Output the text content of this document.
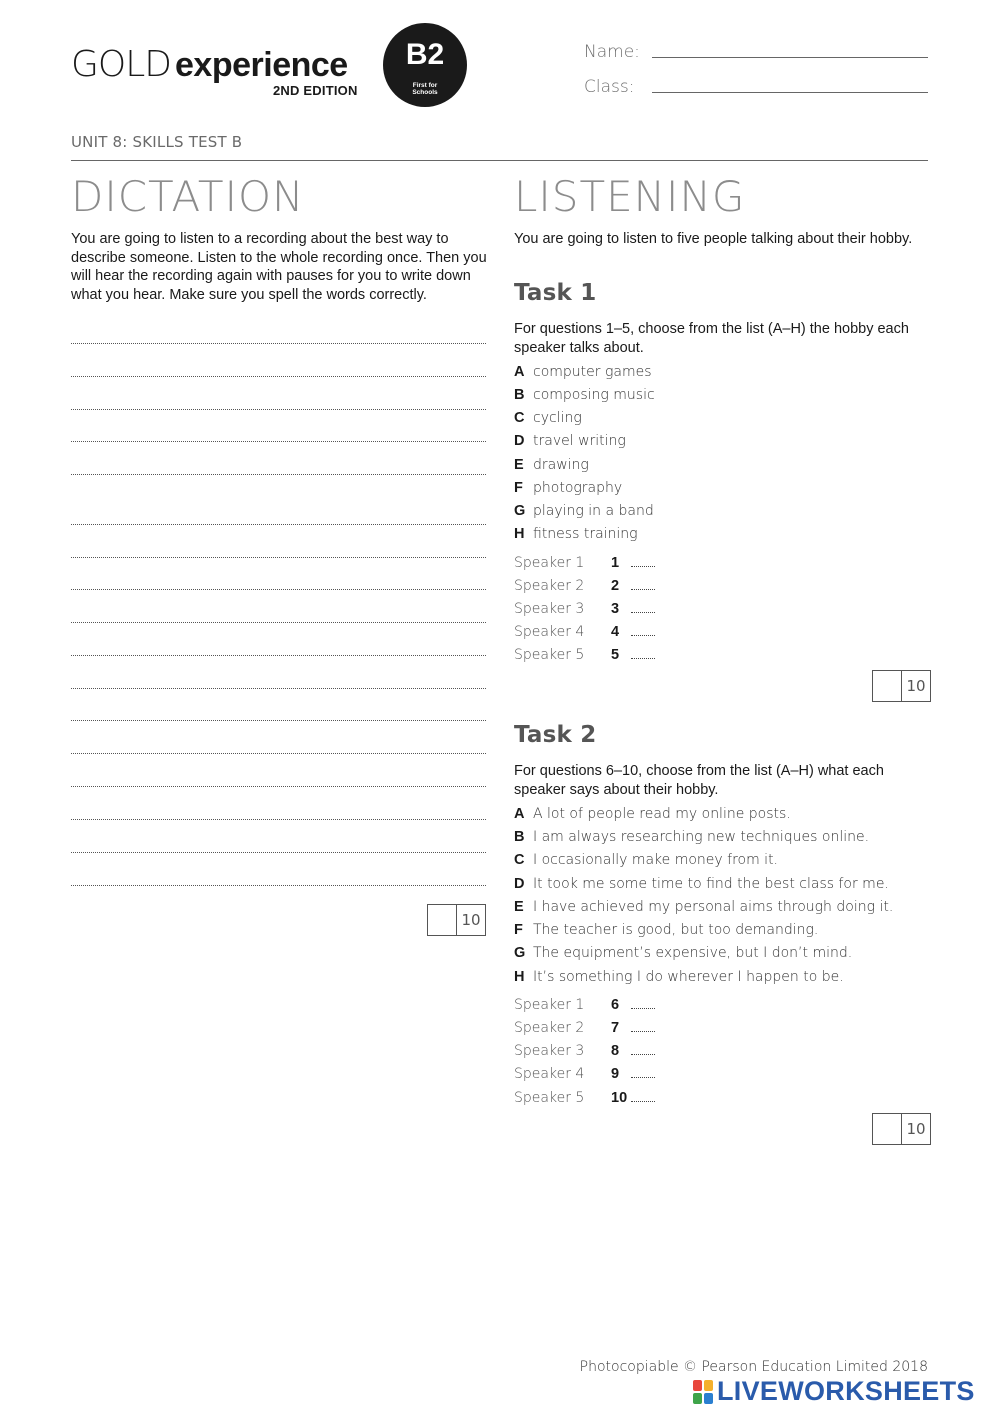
GOLD experience
2ND EDITION
B2
First for Schools
Name:
Class:
UNIT 8: SKILLS TEST B
DICTATION
You are going to listen to a recording about the best way to describe someone. Listen to the whole recording once. Then you will hear the recording again with pauses for you to write down what you hear. Make sure you spell the words correctly.
10
LISTENING
You are going to listen to five people talking about their hobby.
Task 1
For questions 1–5, choose from the list (A–H) the hobby each speaker talks about.
A computer games
B composing music
C cycling
D travel writing
E drawing
F photography
G playing in a band
H fitness training
Speaker 1 1
Speaker 2 2
Speaker 3 3
Speaker 4 4
Speaker 5 5
10
Task 2
For questions 6–10, choose from the list (A–H) what each speaker says about their hobby.
A A lot of people read my online posts.
B I am always researching new techniques online.
C I occasionally make money from it.
D It took me some time to find the best class for me.
E I have achieved my personal aims through doing it.
F The teacher is good, but too demanding.
G The equipment’s expensive, but I don’t mind.
H It’s something I do wherever I happen to be.
Speaker 1 6
Speaker 2 7
Speaker 3 8
Speaker 4 9
Speaker 5 10
10
Photocopiable © Pearson Education Limited 2018
LIVEWORKSHEETS
